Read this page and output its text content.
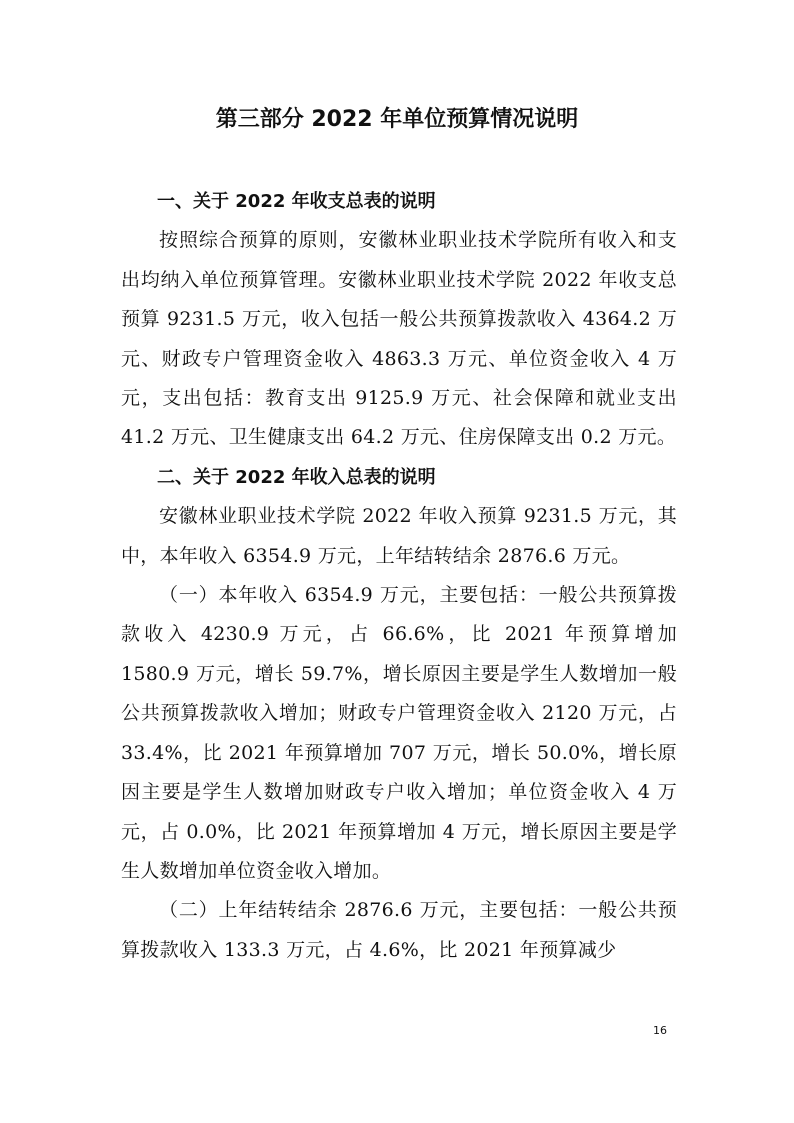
第三部分 2022 年单位预算情况说明
一、关于 2022 年收支总表的说明

按照综合预算的原则，安徽林业职业技术学院所有收入和支出均纳入单位预算管理。安徽林业职业技术学院 2022 年收支总预算 9231.5 万元，收入包括一般公共预算拨款收入 4364.2 万元、财政专户管理资金收入 4863.3 万元、单位资金收入 4 万元，支出包括：教育支出 9125.9 万元、社会保障和就业支出 41.2 万元、卫生健康支出 64.2 万元、住房保障支出 0.2 万元。

二、关于 2022 年收入总表的说明

安徽林业职业技术学院 2022 年收入预算 9231.5 万元，其中，本年收入 6354.9 万元，上年结转结余 2876.6 万元。

（一）本年收入 6354.9 万元，主要包括：一般公共预算拨款收入 4230.9 万元，占 66.6%，比 2021 年预算增加 1580.9 万元，增长 59.7%，增长原因主要是学生人数增加一般公共预算拨款收入增加；财政专户管理资金收入 2120 万元，占 33.4%，比 2021 年预算增加 707 万元，增长 50.0%，增长原因主要是学生人数增加财政专户收入增加；单位资金收入 4 万元，占 0.0%，比 2021 年预算增加 4 万元，增长原因主要是学生人数增加单位资金收入增加。

（二）上年结转结余 2876.6 万元，主要包括：一般公共预算拨款收入 133.3 万元，占 4.6%，比 2021 年预算减少

16
